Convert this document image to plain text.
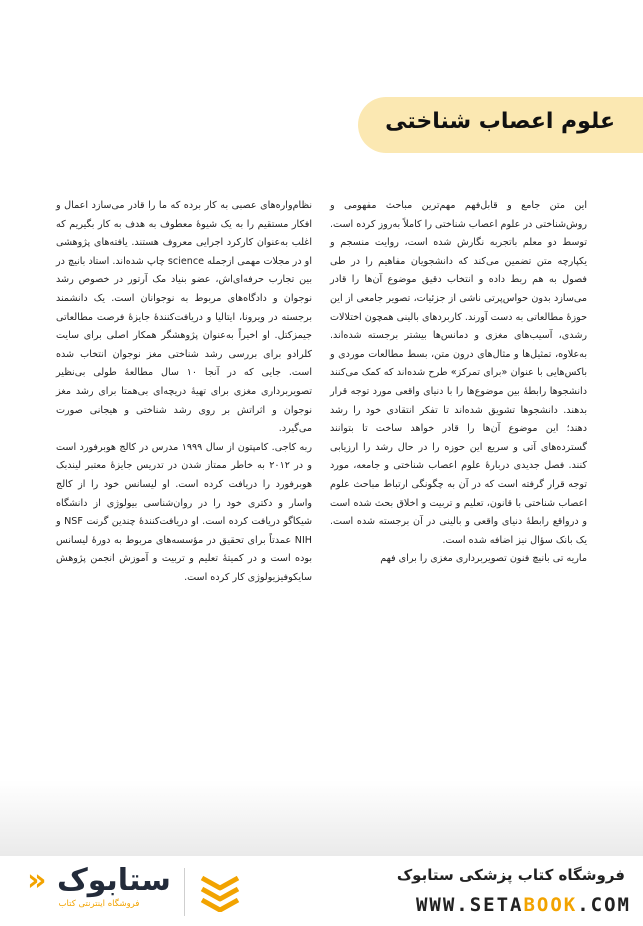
علوم اعصاب شناختی

این متن جامع و قابل‌فهم مهم‌ترین مباحث مفهومی و روش‌شناختی در علوم اعصاب شناختی را کاملاً به‌روز کرده است. توسط دو معلم باتجربه نگارش شده است، روایت منسجم و یکپارچه متن تضمین می‌کند که دانشجویان مفاهیم را در طی فصول به هم ربط داده و انتخاب دقیق موضوع آن‌ها را قادر می‌سازد بدون حواس‌پرتی ناشی از جزئیات، تصویر جامعی از این حوزهٔ مطالعاتی به دست آورند. کاربردهای بالینی همچون اختلالات رشدی، آسیب‌های مغزی و دمانس‌ها بیشتر برجسته شده‌اند. به‌علاوه، تمثیل‌ها و مثال‌های درون متن، بسط مطالعات موردی و باکس‌هایی با عنوان «برای تمرکز» طرح شده‌اند که کمک می‌کنند دانشجوها رابطهٔ بین موضوع‌ها را با دنیای واقعی مورد توجه قرار بدهند. دانشجوها تشویق شده‌اند تا تفکر انتقادی خود را رشد دهند؛ این موضوع آن‌ها را قادر خواهد ساخت تا بتوانند گسترده‌های آتی و سریع این حوزه را در حال رشد را ارزیابی کنند. فصل جدیدی دربارهٔ علوم اعصاب شناختی و جامعه، مورد توجه قرار گرفته است که در آن به چگونگی ارتباط مباحث علوم اعصاب شناختی با قانون، تعلیم و تربیت و اخلاق بحث شده است و درواقع رابطهٔ دنیای واقعی و بالینی در آن برجسته شده است. یک بانک سؤال نیز اضافه شده است.

ماریه تی بانیچ فنون تصویربرداری مغزی را برای فهم

نظام‌واره‌های عصبی به کار برده که ما را قادر می‌سازد اعمال و افکار مستقیم را به یک شیوهٔ معطوف به هدف به کار بگیریم که اغلب به‌عنوان کارکرد اجرایی معروف هستند. یافته‌های پژوهشی او در مجلات مهمی ازجمله science چاپ شده‌اند. استاد بانیچ در بین تجارب حرفه‌ای‌اش، عضو بنیاد مک آرتور در خصوص رشد نوجوان و دادگاه‌های مربوط به نوجوانان است. یک دانشمند برجسته در ویرونا، ایتالیا و دریافت‌کنندهٔ جایزهٔ فرصت مطالعاتی جیمزکتل. او اخیراً به‌عنوان پژوهشگر همکار اصلی برای سایت کلرادو برای بررسی رشد شناختی مغز نوجوان انتخاب شده است. جایی که در آنجا ۱۰ سال مطالعهٔ طولی بی‌نظیر تصویربرداری مغزی برای تهیهٔ دریچه‌ای بی‌همتا برای رشد مغز نوجوان و اثراتش بر روی رشد شناختی و هیجانی صورت می‌گیرد.

ربه کاجی. کامپتون از سال ۱۹۹۹ مدرس در کالج هوبرفورد است و در ۲۰۱۲ به خاطر ممتاز شدن در تدریس جایزهٔ معتبر لیندبک هوبرفورد را دریافت کرده است. او لیسانس خود را از کالج واسار و دکتری خود را در روان‌شناسی بیولوژی از دانشگاه شیکاگو دریافت کرده است. او دریافت‌کنندهٔ چندین گرنت NSF و NIH عمدتاً برای تحقیق در مؤسسه‌های مربوط به دورهٔ لیسانس بوده است و در کمیتهٔ تعلیم و تربیت و آموزش انجمن پژوهش سایکوفیزیولوژی کار کرده است.

فروشگاه کتاب پزشکی ستابوک
WWW.SETABOOK.COM
ستابوک «
فروشگاه اینترنتی کتاب
